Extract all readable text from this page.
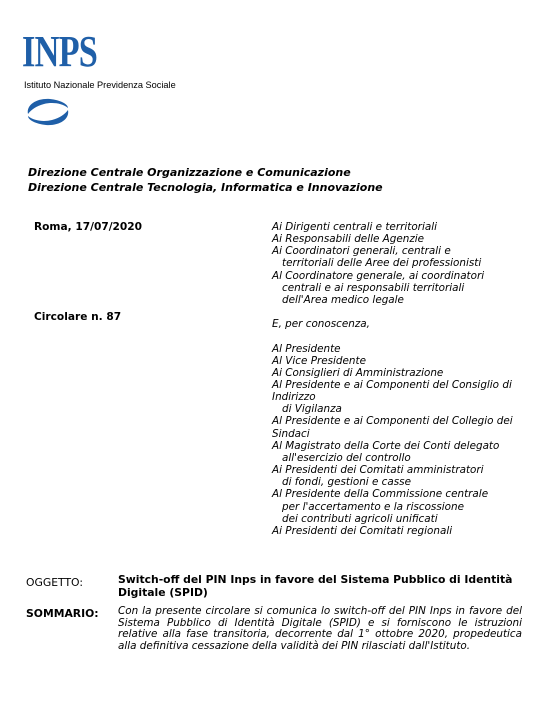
INPS
Istituto Nazionale Previdenza Sociale
Direzione Centrale Organizzazione e Comunicazione
Direzione Centrale Tecnologia, Informatica e Innovazione
Roma, 17/07/2020
Circolare n. 87
Ai Dirigenti centrali e territoriali
Ai Responsabili delle Agenzie
Ai Coordinatori generali, centrali e
territoriali delle Aree dei professionisti
Al Coordinatore generale, ai coordinatori
centrali e ai responsabili territoriali
dell'Area medico legale
E, per conoscenza,
Al Presidente
Al Vice Presidente
Ai Consiglieri di Amministrazione
Al Presidente e ai Componenti del Consiglio di
Indirizzo
di Vigilanza
Al Presidente e ai Componenti del Collegio dei
Sindaci
Al Magistrato della Corte dei Conti delegato
all'esercizio del controllo
Ai Presidenti dei Comitati amministratori
di fondi, gestioni e casse
Al Presidente della Commissione centrale
per l'accertamento e la riscossione
dei contributi agricoli unificati
Ai Presidenti dei Comitati regionali
OGGETTO:	Switch-off del PIN Inps in favore del Sistema Pubblico di Identità Digitale (SPID)
SOMMARIO: Con la presente circolare si comunica lo switch-off del PIN Inps in favore del Sistema Pubblico di Identità Digitale (SPID) e si forniscono le istruzioni relative alla fase transitoria, decorrente dal 1° ottobre 2020, propedeutica alla definitiva cessazione della validità dei PIN rilasciati dall'Istituto.
